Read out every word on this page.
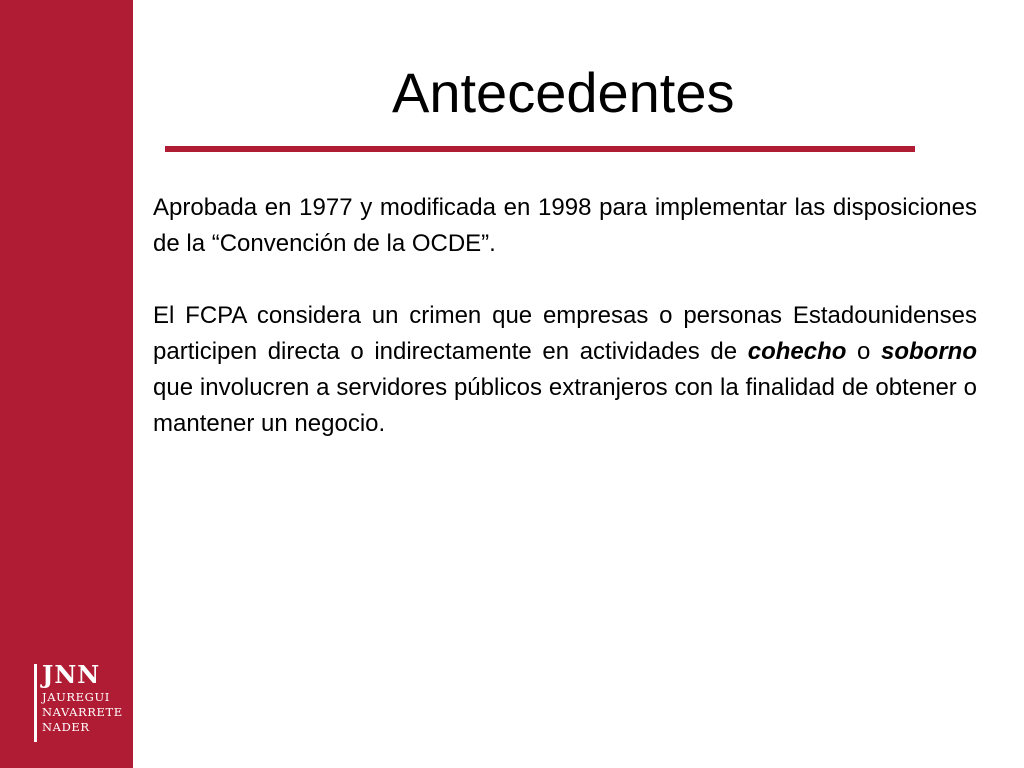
JNN
JAUREGUI
NAVARRETE
NADER
Antecedentes

Aprobada en 1977 y modificada en 1998 para implementar las disposiciones de la “Convención de la OCDE”.

El FCPA considera un crimen que empresas o personas Estadounidenses participen directa o indirectamente en actividades de cohecho o soborno que involucren a servidores públicos extranjeros con la finalidad de obtener o mantener un negocio.
